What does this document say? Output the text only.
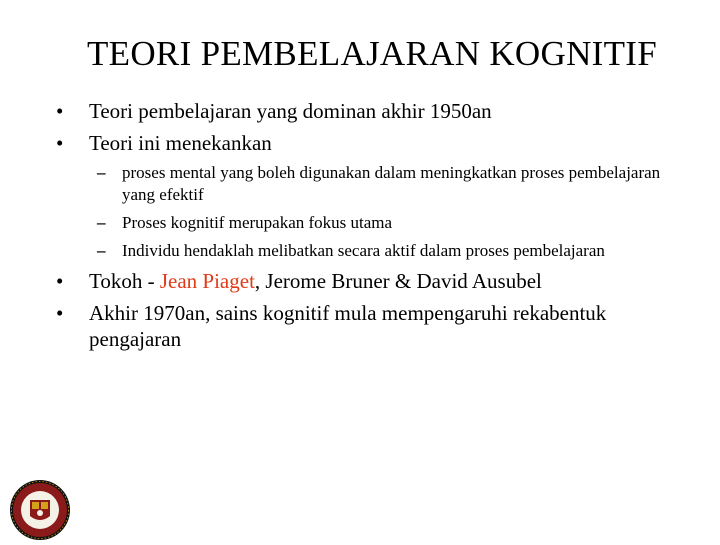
TEORI PEMBELAJARAN KOGNITIF
• Teori pembelajaran yang dominan akhir 1950an
• Teori ini menekankan
– proses mental yang boleh digunakan dalam meningkatkan proses pembelajaran yang efektif
– Proses kognitif merupakan fokus utama
– Individu hendaklah melibatkan secara aktif dalam proses pembelajaran
• Tokoh - Jean Piaget, Jerome Bruner & David Ausubel
• Akhir 1970an, sains kognitif mula mempengaruhi rekabentuk pengajaran
